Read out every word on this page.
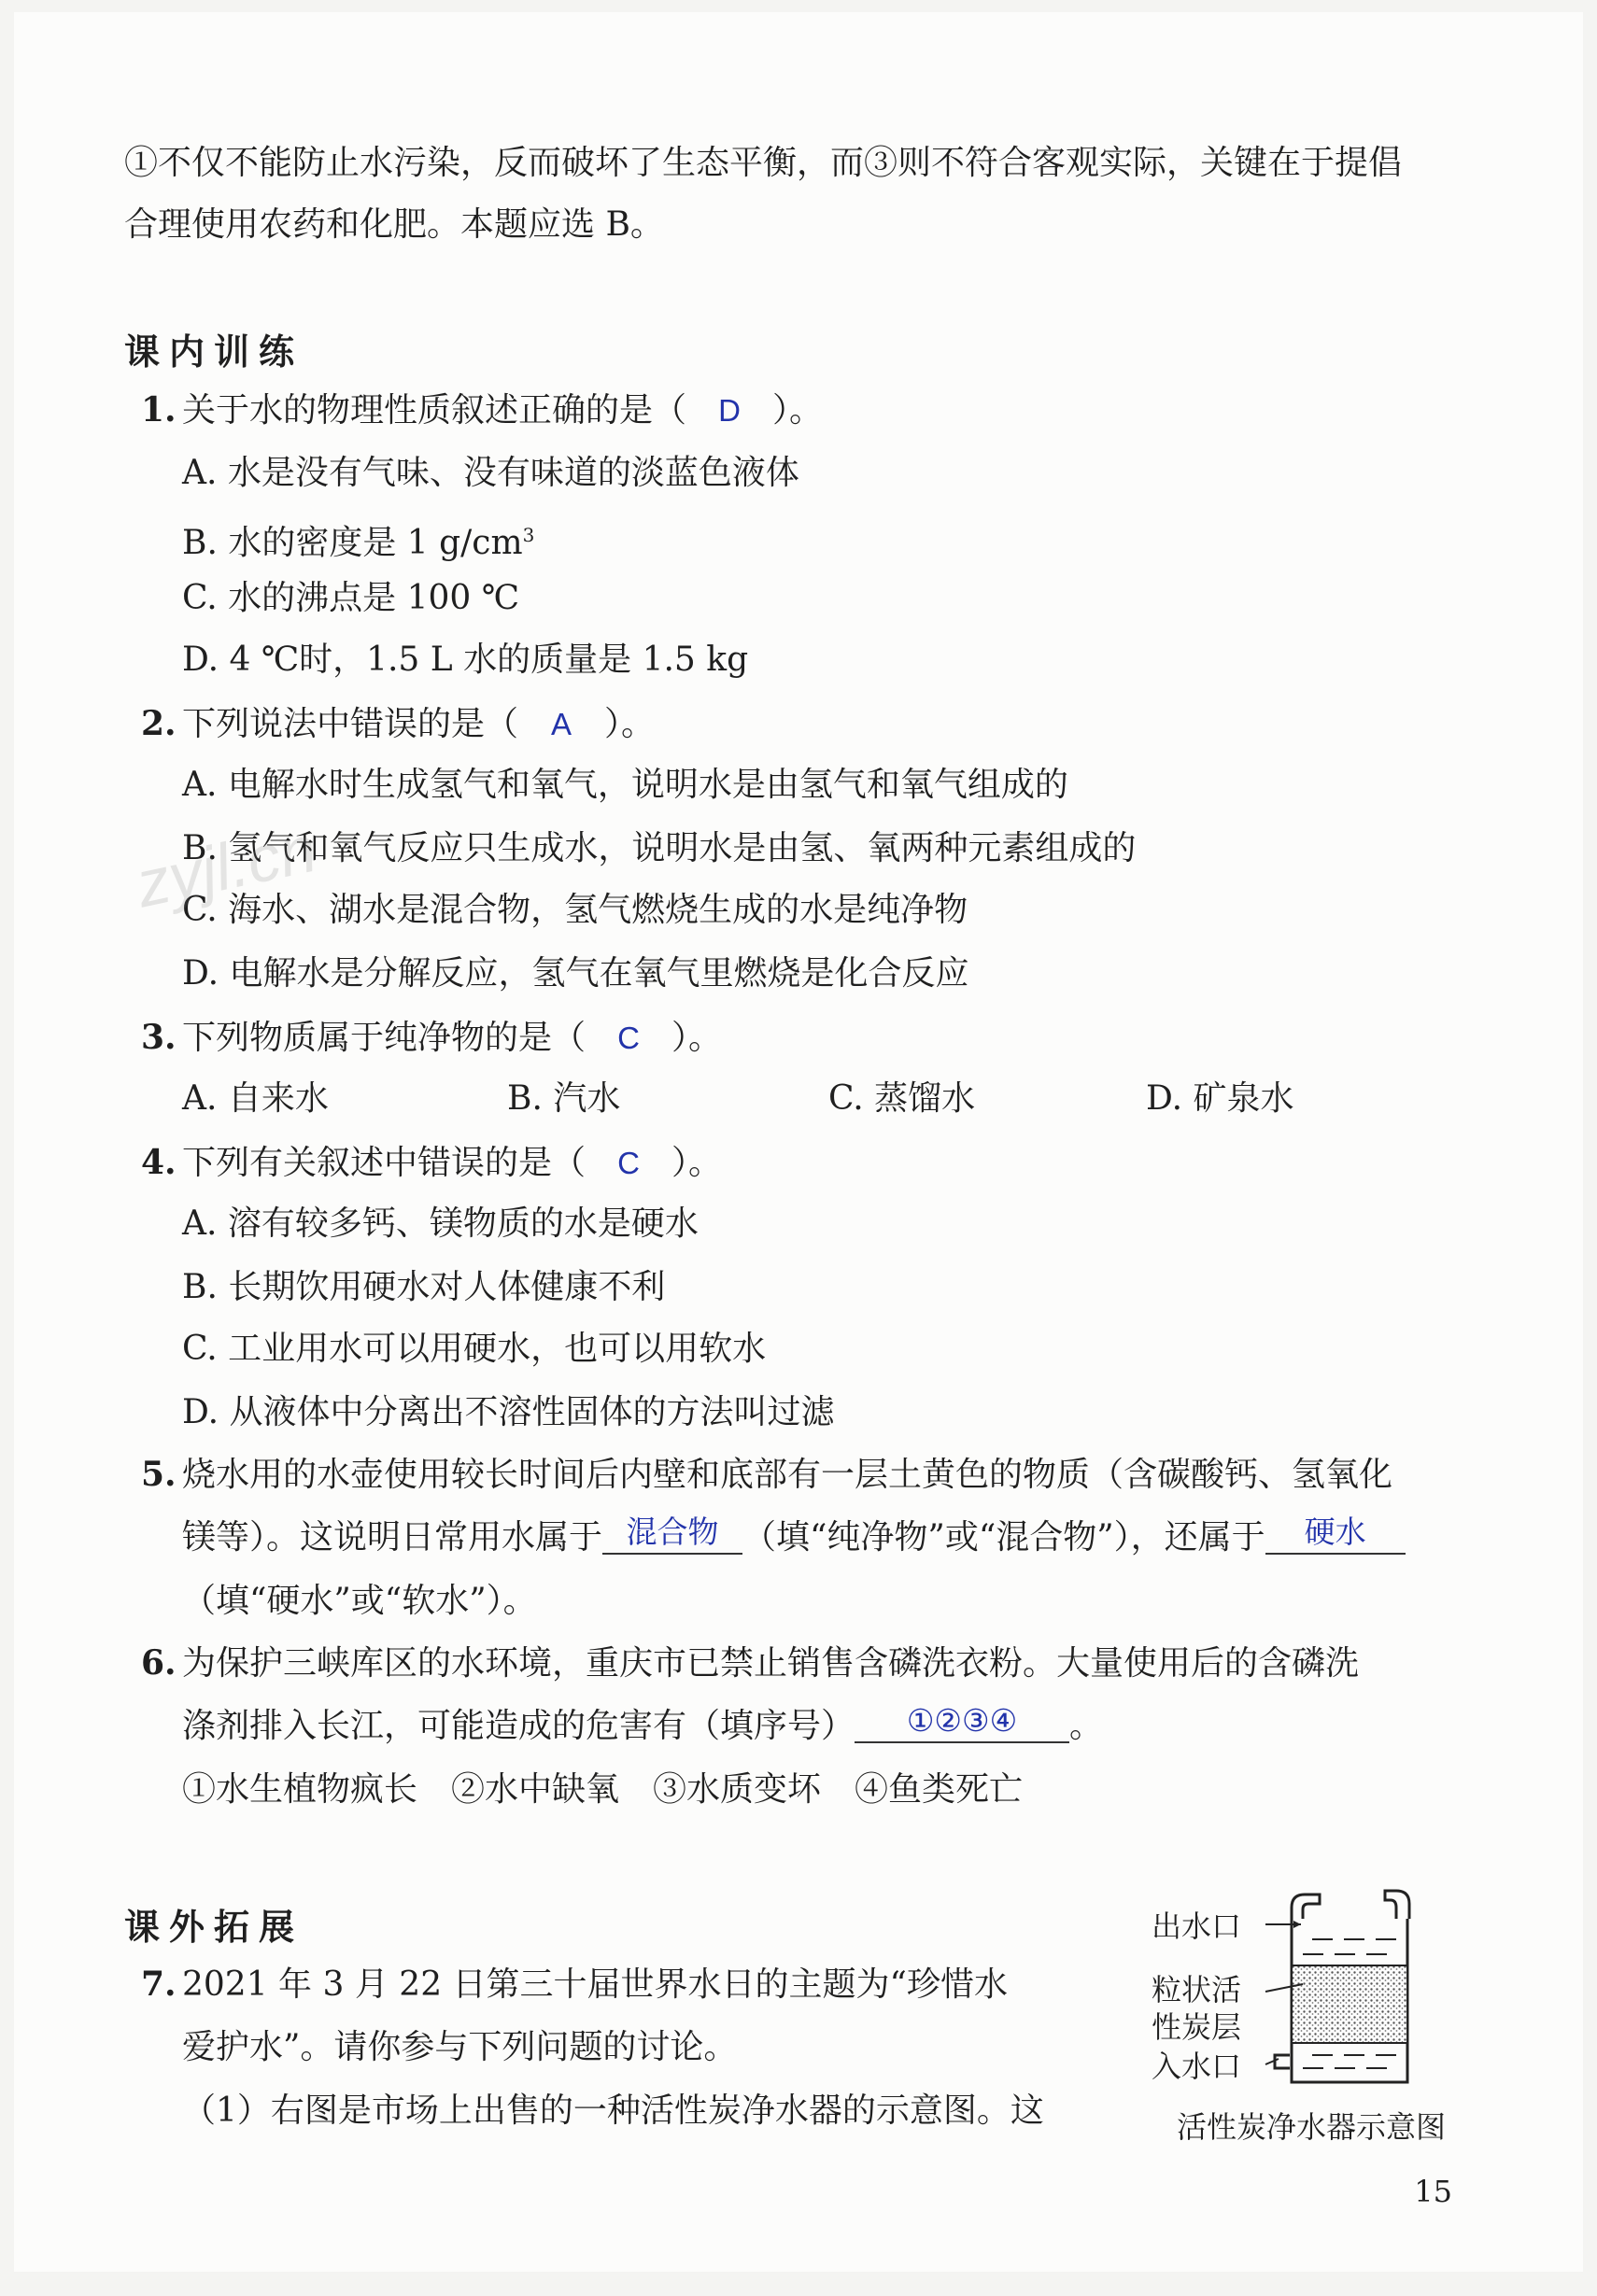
①不仅不能防止水污染，反而破坏了生态平衡，而③则不符合客观实际，关键在于提倡
合理使用农药和化肥。本题应选 B。
课内训练
1. 关于水的物理性质叙述正确的是（ D ）。
A. 水是没有气味、没有味道的淡蓝色液体
B. 水的密度是 1 $g/cm^3$
C. 水的沸点是 100 ℃
D. 4 ℃时，1.5 L 水的质量是 1.5 kg
2. 下列说法中错误的是（ A ）。
A. 电解水时生成氢气和氧气，说明水是由氢气和氧气组成的
B. 氢气和氧气反应只生成水，说明水是由氢、氧两种元素组成的
C. 海水、湖水是混合物，氢气燃烧生成的水是纯净物
D. 电解水是分解反应，氢气在氧气里燃烧是化合反应
3. 下列物质属于纯净物的是（ C ）。
A. 自来水	B. 汽水	C. 蒸馏水	D. 矿泉水
4. 下列有关叙述中错误的是（ C ）。
A. 溶有较多钙、镁物质的水是硬水
B. 长期饮用硬水对人体健康不利
C. 工业用水可以用硬水，也可以用软水
D. 从液体中分离出不溶性固体的方法叫过滤
5. 烧水用的水壶使用较长时间后内壁和底部有一层土黄色的物质（含碳酸钙、氢氧化
镁等）。这说明日常用水属于 混合物 （填“纯净物”或“混合物”），还属于 硬水
（填“硬水”或“软水”）。
6. 为保护三峡库区的水环境，重庆市已禁止销售含磷洗衣粉。大量使用后的含磷洗
涤剂排入长江，可能造成的危害有（填序号） ①②③④ 。
①水生植物疯长　②水中缺氧　③水质变坏　④鱼类死亡
课外拓展
7. 2021 年 3 月 22 日第三十届世界水日的主题为“珍惜水
爱护水”。请你参与下列问题的讨论。
（1）右图是市场上出售的一种活性炭净水器的示意图。这
出水口
粒状活
性炭层
入水口
活性炭净水器示意图
zyjl.cn
15
